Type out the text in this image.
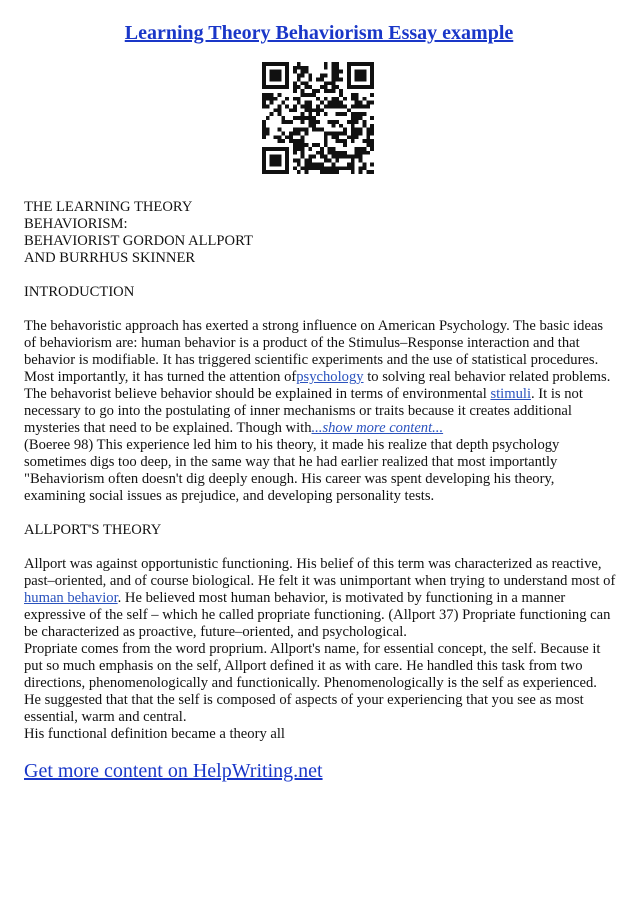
Learning Theory Behaviorism Essay example

THE LEARNING THEORY

BEHAVIORISM:

BEHAVIORIST GORDON ALLPORT

AND BURRHUS SKINNER

INTRODUCTION

The behavoristic approach has exerted a strong influence on American Psychology. The basic ideas

of behaviorism are: human behavior is a product of the Stimulus–Response interaction and that

behavior is modifiable. It has triggered scientific experiments and the use of statistical procedures.

Most importantly, it has turned the attention ofpsychology to solving real behavior related problems.

The behavorist believe behavior should be explained in terms of environmental stimuli. It is not

necessary to go into the postulating of inner mechanisms or traits because it creates additional

mysteries that need to be explained. Though with...show more content...

(Boeree 98) This experience led him to his theory, it made his realize that depth psychology

sometimes digs too deep, in the same way that he had earlier realized that most importantly

"Behaviorism often doesn't dig deeply enough. His career was spent developing his theory,

examining social issues as prejudice, and developing personality tests.

ALLPORT'S THEORY

Allport was against opportunistic functioning. His belief of this term was characterized as reactive,

past–oriented, and of course biological. He felt it was unimportant when trying to understand most of

human behavior. He believed most human behavior, is motivated by functioning in a manner

expressive of the self – which he called propriate functioning. (Allport 37) Propriate functioning can

be characterized as proactive, future–oriented, and psychological.

Propriate comes from the word proprium. Allport's name, for essential concept, the self. Because it

put so much emphasis on the self, Allport defined it as with care. He handled this task from two

directions, phenomenologically and functionically. Phenomenologically is the self as experienced.

He suggested that that the self is composed of aspects of your experiencing that you see as most

essential, warm and central.

His functional definition became a theory all

Get more content on HelpWriting.net
